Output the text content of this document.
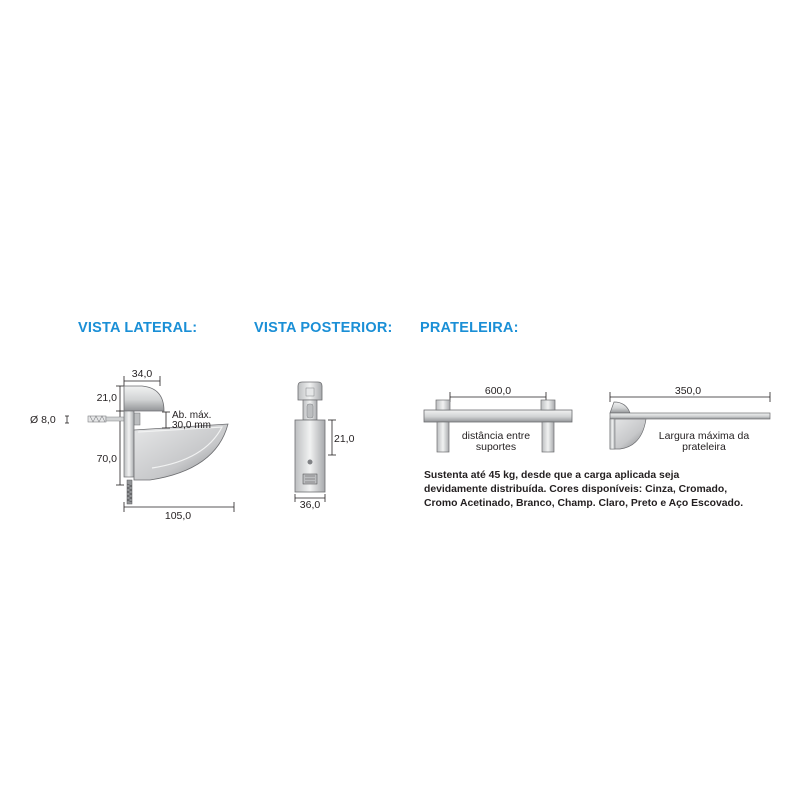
VISTA LATERAL:	VISTA POSTERIOR: PRATELEIRA:
34,0
21,0
70,0
Ø 8,0	Ab. máx.
30,0 mm
105,0
21,0
36,0
600,0
distância entre
suportes
350,0
Largura máxima da
prateleira
Sustenta até 45 kg, desde que a carga aplicada seja
devidamente distribuída. Cores disponíveis: Cinza, Cromado,
Cromo Acetinado, Branco, Champ. Claro, Preto e Aço Escovado.
